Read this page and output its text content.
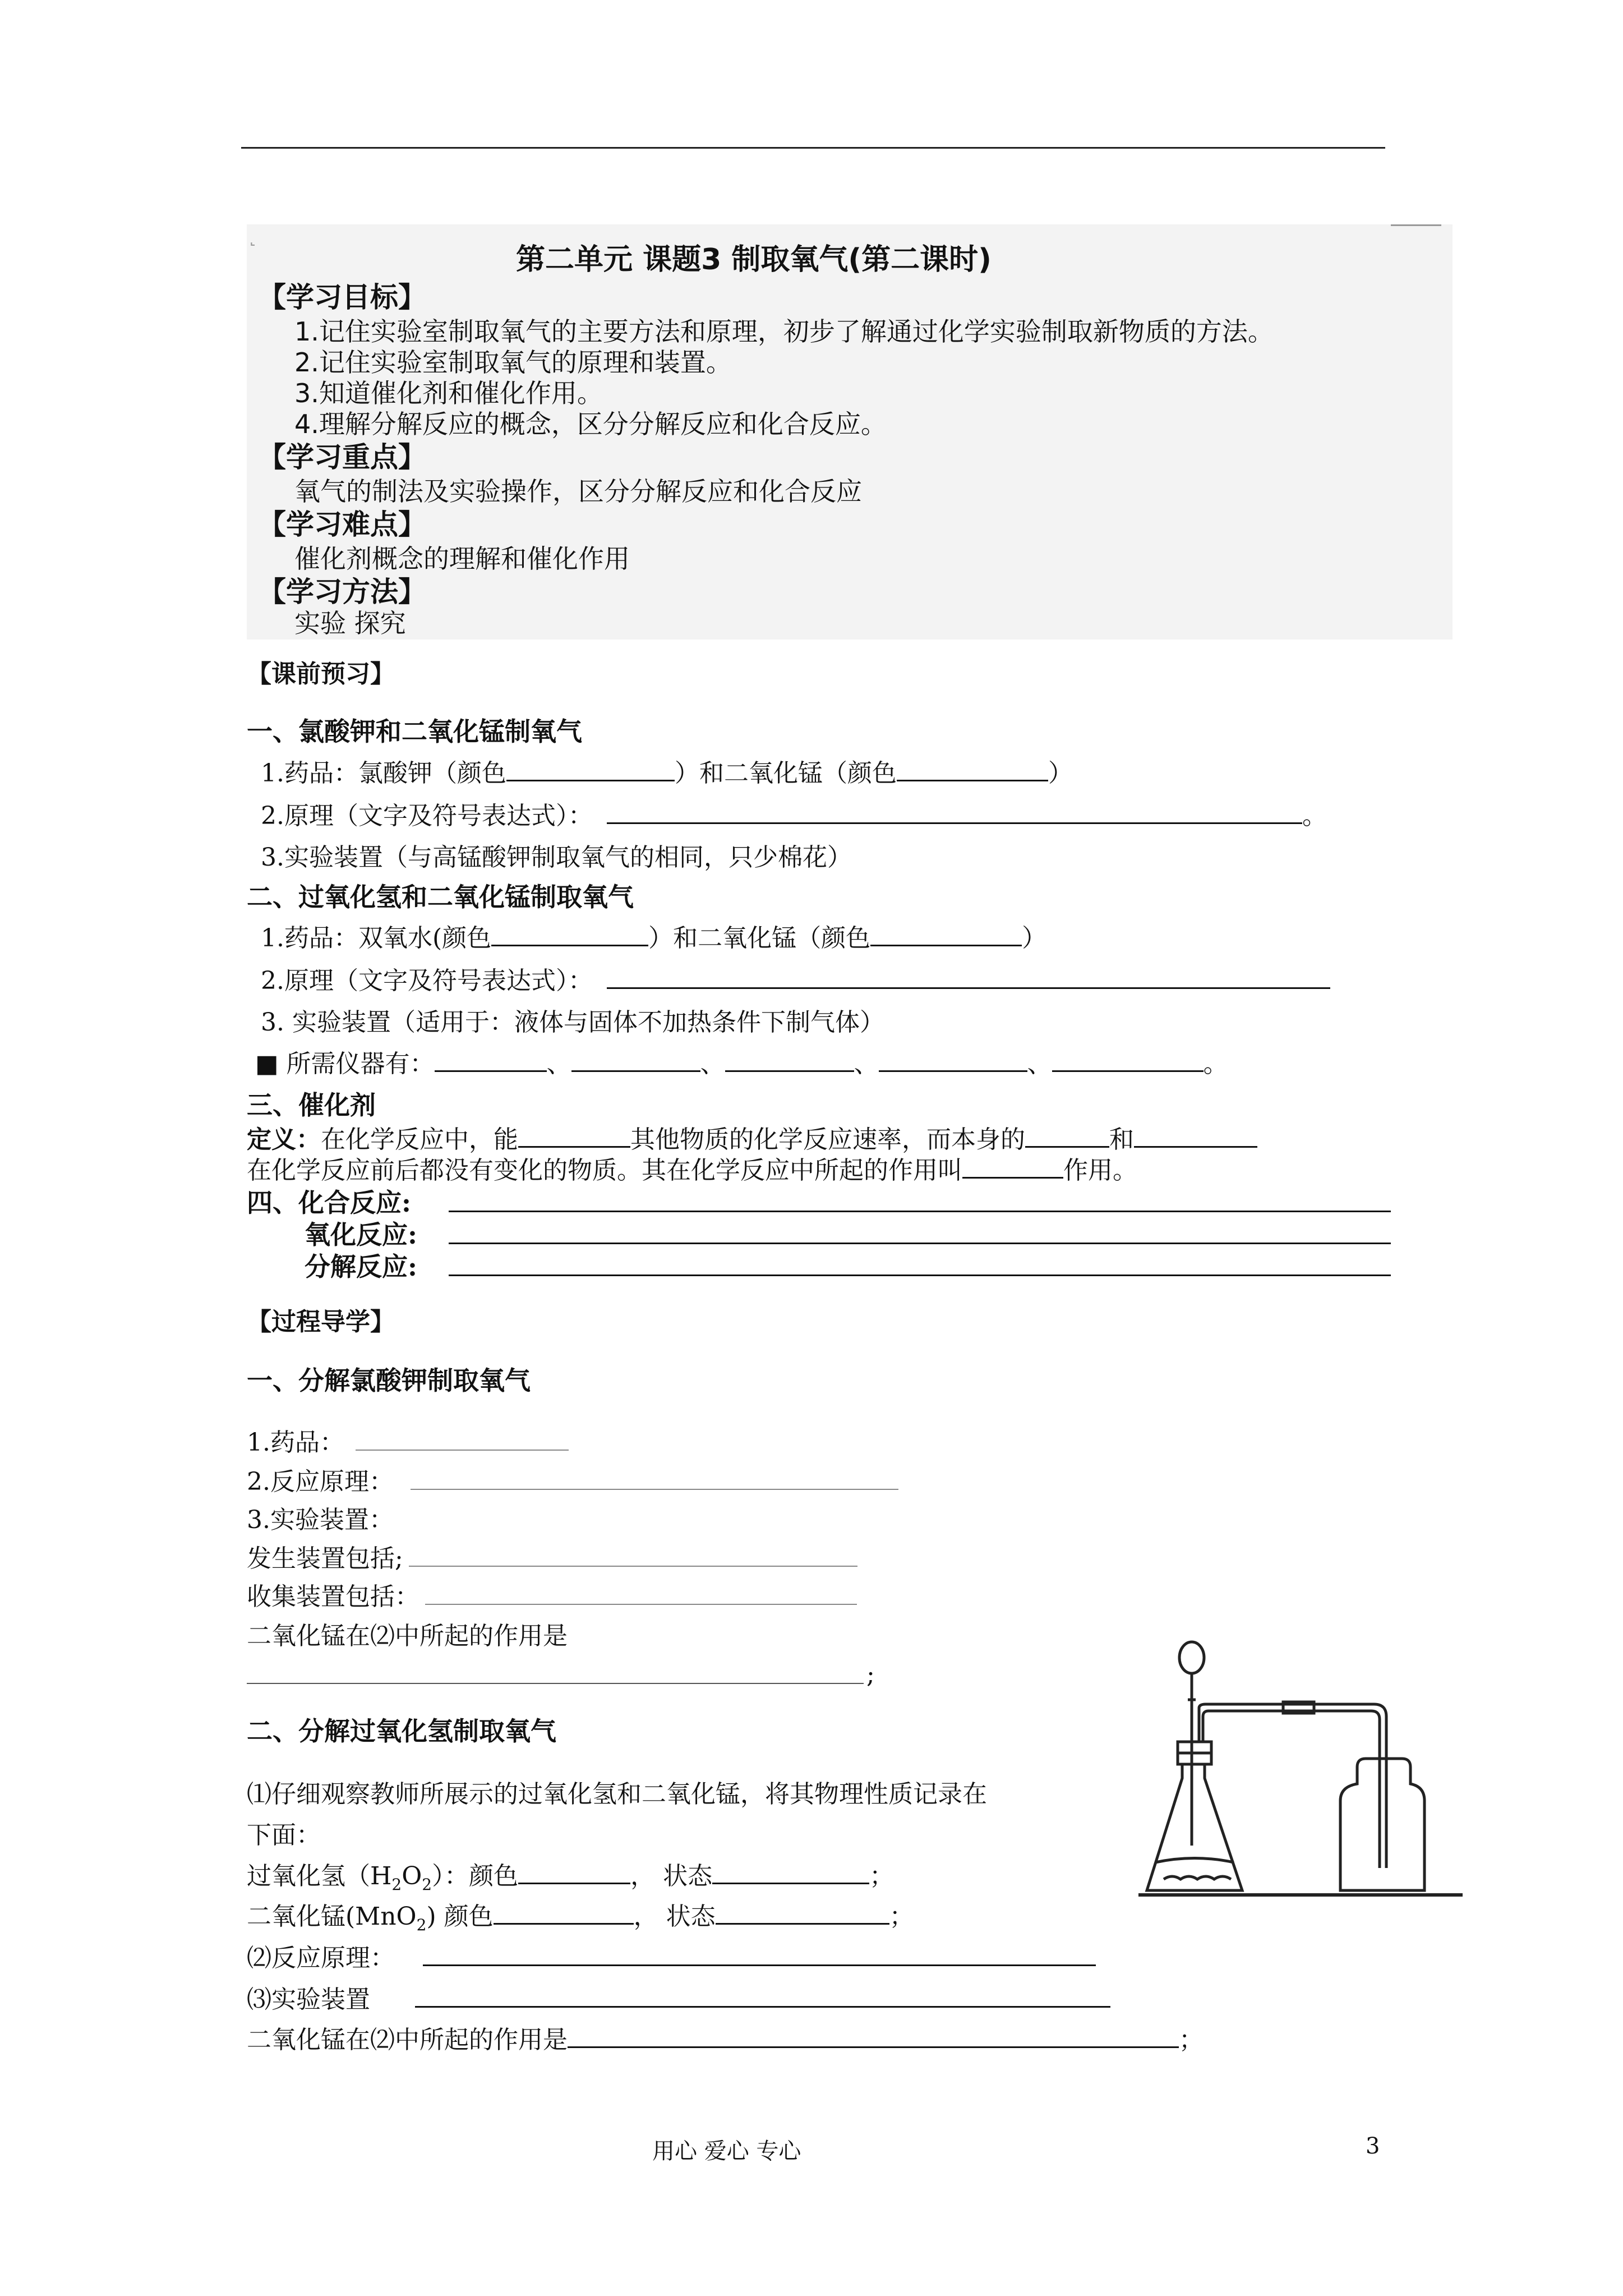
˻
第二单元 课题3 制取氧气(第二课时)
【学习目标】
1.记住实验室制取氧气的主要方法和原理，初步了解通过化学实验制取新物质的方法。
2.记住实验室制取氧气的原理和装置。
3.知道催化剂和催化作用。
4.理解分解反应的概念，区分分解反应和化合反应。
【学习重点】
氧气的制法及实验操作，区分分解反应和化合反应
【学习难点】
催化剂概念的理解和催化作用
【学习方法】
实验 探究
【课前预习】
一、氯酸钾和二氧化锰制氧气
1.药品：氯酸钾（颜色	）和二氧化锰（颜色	）
2.原理（文字及符号表达式）：	。
3.实验装置（与高锰酸钾制取氧气的相同，只少棉花）
二、过氧化氢和二氧化锰制取氧气
1.药品：双氧水(颜色	）和二氧化锰（颜色	）
2.原理（文字及符号表达式）：
3. 实验装置（适用于：液体与固体不加热条件下制气体）
■ 所需仪器有：	、	、	、	、	。
三、催化剂
定义：在化学反应中，能	其他物质的化学反应速率，而本身的	和
在化学反应前后都没有变化的物质。其在化学反应中所起的作用叫	作用。
四、化合反应:
氧化反应:
分解反应:
【过程导学】
一、分解氯酸钾制取氧气
1.药品：
2.反应原理：
3.实验装置：
发生装置包括;
收集装置包括：
二氧化锰在⑵中所起的作用是
;
二、分解过氧化氢制取氧气
⑴仔细观察教师所展示的过氧化氢和二氧化锰，将其物理性质记录在
下面：
过氧化氢$(H_2O_2)$：颜色	， 状态	；
二氧化锰(MnO$_2$) 颜色	， 状态	；
⑵反应原理：
⑶实验装置
二氧化锰在⑵中所起的作用是	；
用心 爱心 专心	3
